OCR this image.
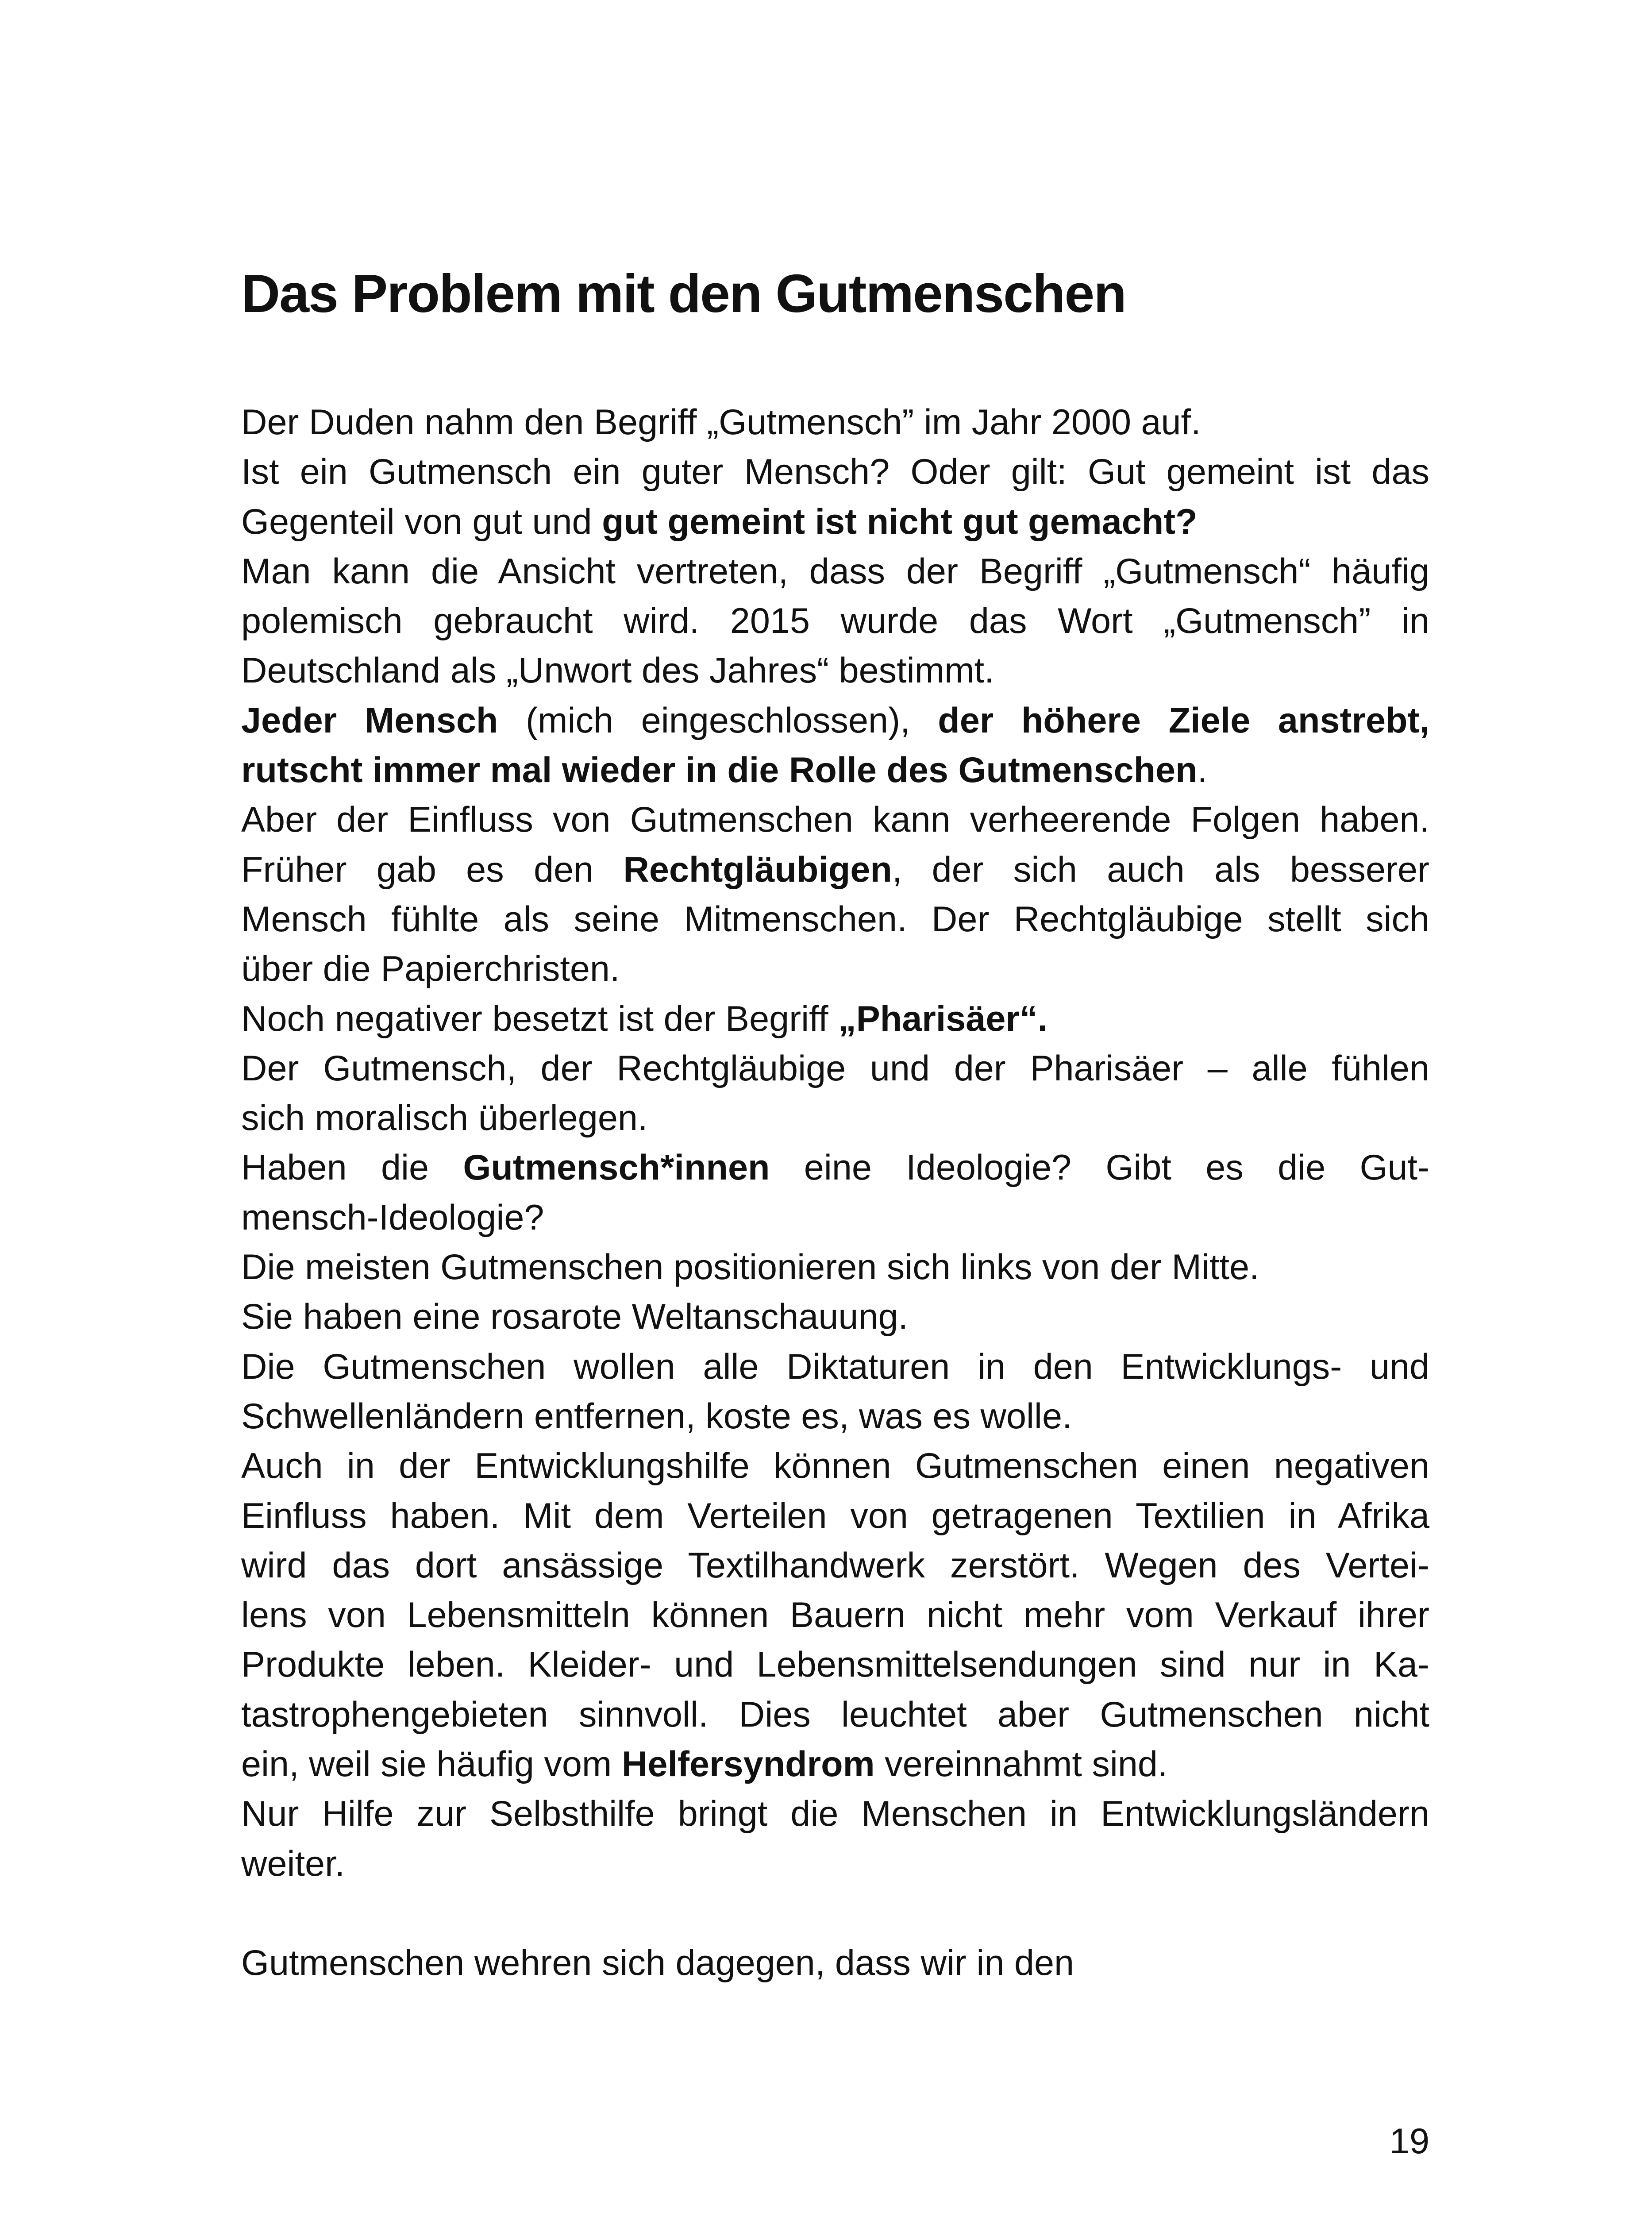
Das Problem mit den Gutmenschen
Der Duden nahm den Begriff „Gutmensch” im Jahr 2000 auf.
Ist ein Gutmensch ein guter Mensch? Oder gilt: Gut gemeint ist das
Gegenteil von gut und gut gemeint ist nicht gut gemacht?
Man kann die Ansicht vertreten, dass der Begriff „Gutmensch“ häufig
polemisch gebraucht wird. 2015 wurde das Wort „Gutmensch” in
Deutschland als „Unwort des Jahres“ bestimmt.
Jeder Mensch (mich eingeschlossen), der höhere Ziele anstrebt,
rutscht immer mal wieder in die Rolle des Gutmenschen.
Aber der Einfluss von Gutmenschen kann verheerende Folgen haben.
Früher gab es den Rechtgläubigen, der sich auch als besserer
Mensch fühlte als seine Mitmenschen. Der Rechtgläubige stellt sich
über die Papierchristen.
Noch negativer besetzt ist der Begriff „Pharisäer“.
Der Gutmensch, der Rechtgläubige und der Pharisäer – alle fühlen
sich moralisch überlegen.
Haben die Gutmensch*innen eine Ideologie? Gibt es die Gut-
mensch-Ideologie?
Die meisten Gutmenschen positionieren sich links von der Mitte.
Sie haben eine rosarote Weltanschauung.
Die Gutmenschen wollen alle Diktaturen in den Entwicklungs- und
Schwellenländern entfernen, koste es, was es wolle.
Auch in der Entwicklungshilfe können Gutmenschen einen negativen
Einfluss haben. Mit dem Verteilen von getragenen Textilien in Afrika
wird das dort ansässige Textilhandwerk zerstört. Wegen des Vertei-
lens von Lebensmitteln können Bauern nicht mehr vom Verkauf ihrer
Produkte leben. Kleider- und Lebensmittelsendungen sind nur in Ka-
tastrophengebieten sinnvoll. Dies leuchtet aber Gutmenschen nicht
ein, weil sie häufig vom Helfersyndrom vereinnahmt sind.
Nur Hilfe zur Selbsthilfe bringt die Menschen in Entwicklungsländern
weiter.
Gutmenschen wehren sich dagegen, dass wir in den
19
